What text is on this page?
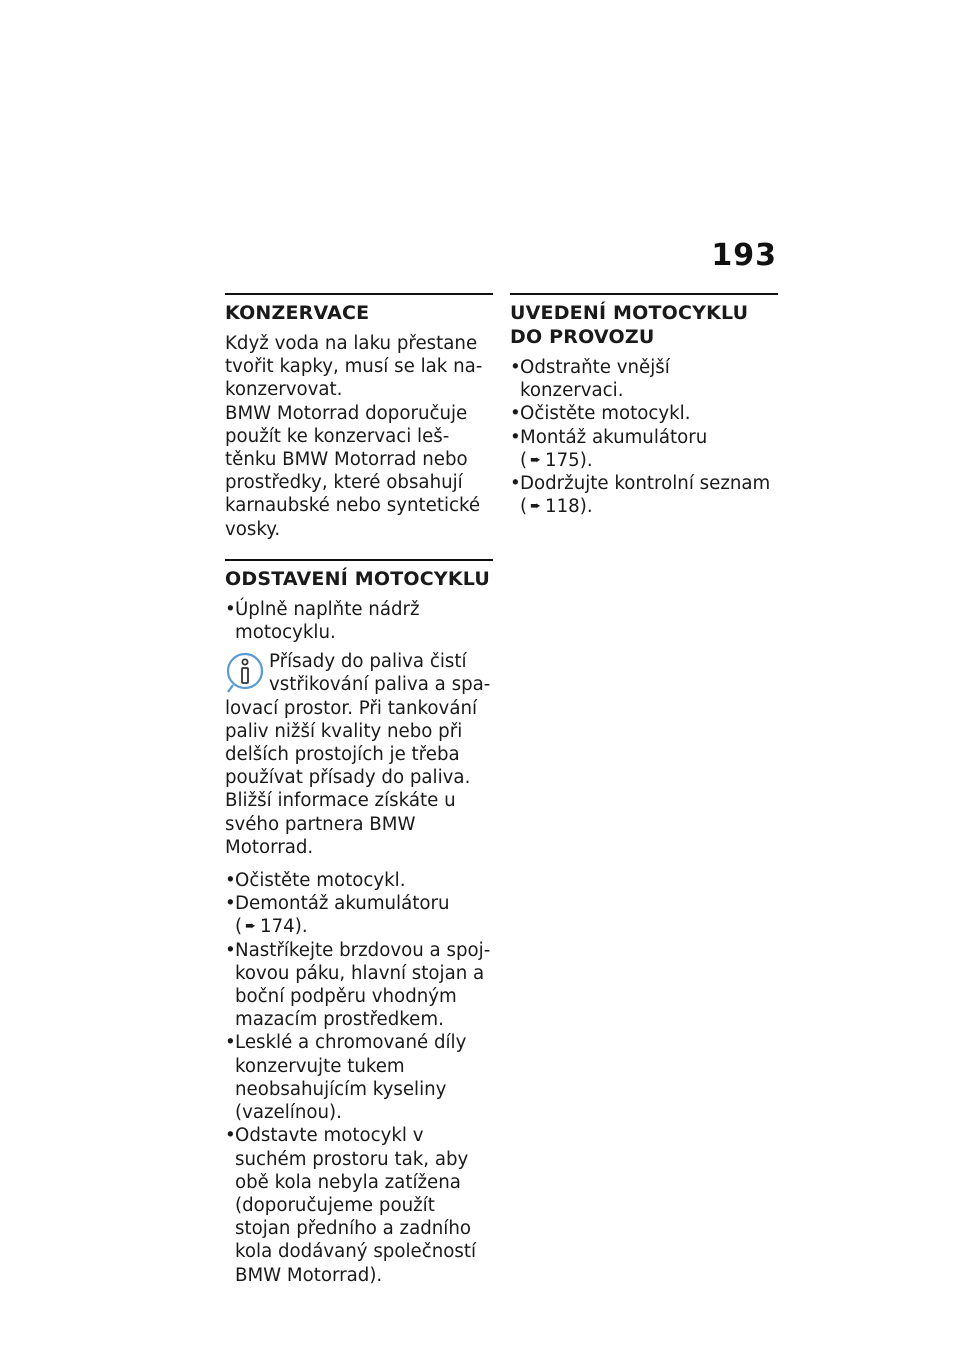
193
KONZERVACE

Když voda na laku přestane tvořit kapky, musí se lak nakonzervovat.

BMW Motorrad doporučuje použít ke konzervaci leštěnku BMW Motorrad nebo prostředky, které obsahují karnaubské nebo syntetické vosky.

ODSTAVENÍ MOTOCYKLU
• Úplně naplňte nádrž motocyklu.

Přísady do paliva čistí vstřikování paliva a spalovací prostor. Při tankování paliv nižší kvality nebo při delších prostojích je třeba používat přísady do paliva. Bližší informace získáte u svého partnera BMW Motorrad.

• Očistěte motocykl.
• Demontáž akumulátoru
( ➨ 174).
• Nastříkejte brzdovou a spojkovou páku, hlavní stojan a boční podpěru vhodným mazacím prostředkem.
• Lesklé a chromované díly konzervujte tukem neobsahujícím kyseliny (vazelínou).
• Odstavte motocykl v suchém prostoru tak, aby obě kola nebyla zatížena (doporučujeme použít stojan předního a zadního kola dodávaný společností BMW Motorrad).
UVEDENÍ MOTOCYKLU DO PROVOZU
• Odstraňte vnější konzervaci.
• Očistěte motocykl.
• Montáž akumulátoru ( ➨ 175).
• Dodržujte kontrolní seznam
( ➨ 118).
